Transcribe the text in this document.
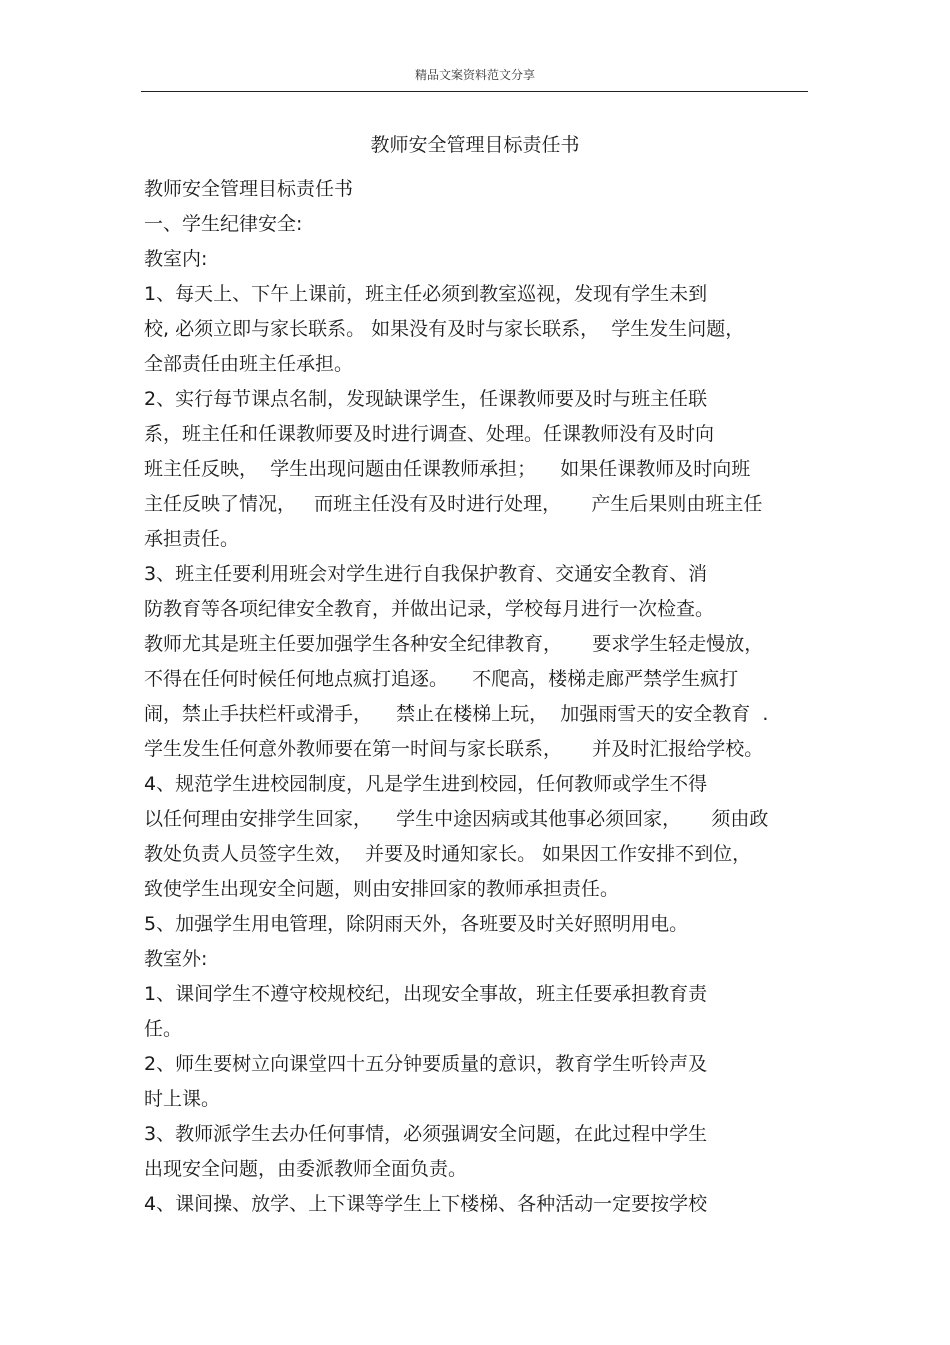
精品文案资料范文分享
教师安全管理目标责任书
教师安全管理目标责任书
一、学生纪律安全:
教室内:
1、每天上、下午上课前，班主任必须到教室巡视，发现有学生未到
校, 必须立即与家长联系。 如果没有及时与家长联系，  学生发生问题，
全部责任由班主任承担。
2、实行每节课点名制，发现缺课学生，任课教师要及时与班主任联
系，班主任和任课教师要及时进行调查、处理。任课教师没有及时向
班主任反映，  学生出现问题由任课教师承担；    如果任课教师及时向班
主任反映了情况，   而班主任没有及时进行处理，     产生后果则由班主任
承担责任。
3、班主任要利用班会对学生进行自我保护教育、交通安全教育、消
防教育等各项纪律安全教育，并做出记录，学校每月进行一次检查。
教师尤其是班主任要加强学生各种安全纪律教育，     要求学生轻走慢放，
不得在任何时候任何地点疯打追逐。    不爬高，楼梯走廊严禁学生疯打
闹，禁止手扶栏杆或滑手，    禁止在楼梯上玩，  加强雨雪天的安全教育  .
学生发生任何意外教师要在第一时间与家长联系，     并及时汇报给学校。
4、规范学生进校园制度，凡是学生进到校园，任何教师或学生不得
以任何理由安排学生回家，    学生中途因病或其他事必须回家，     须由政
教处负责人员签字生效，  并要及时通知家长。 如果因工作安排不到位，
致使学生出现安全问题，则由安排回家的教师承担责任。
5、加强学生用电管理，除阴雨天外，各班要及时关好照明用电。
教室外:
1、课间学生不遵守校规校纪，出现安全事故，班主任要承担教育责
任。
2、师生要树立向课堂四十五分钟要质量的意识，教育学生听铃声及
时上课。
3、教师派学生去办任何事情，必须强调安全问题，在此过程中学生
出现安全问题，由委派教师全面负责。
4、课间操、放学、上下课等学生上下楼梯、各种活动一定要按学校
